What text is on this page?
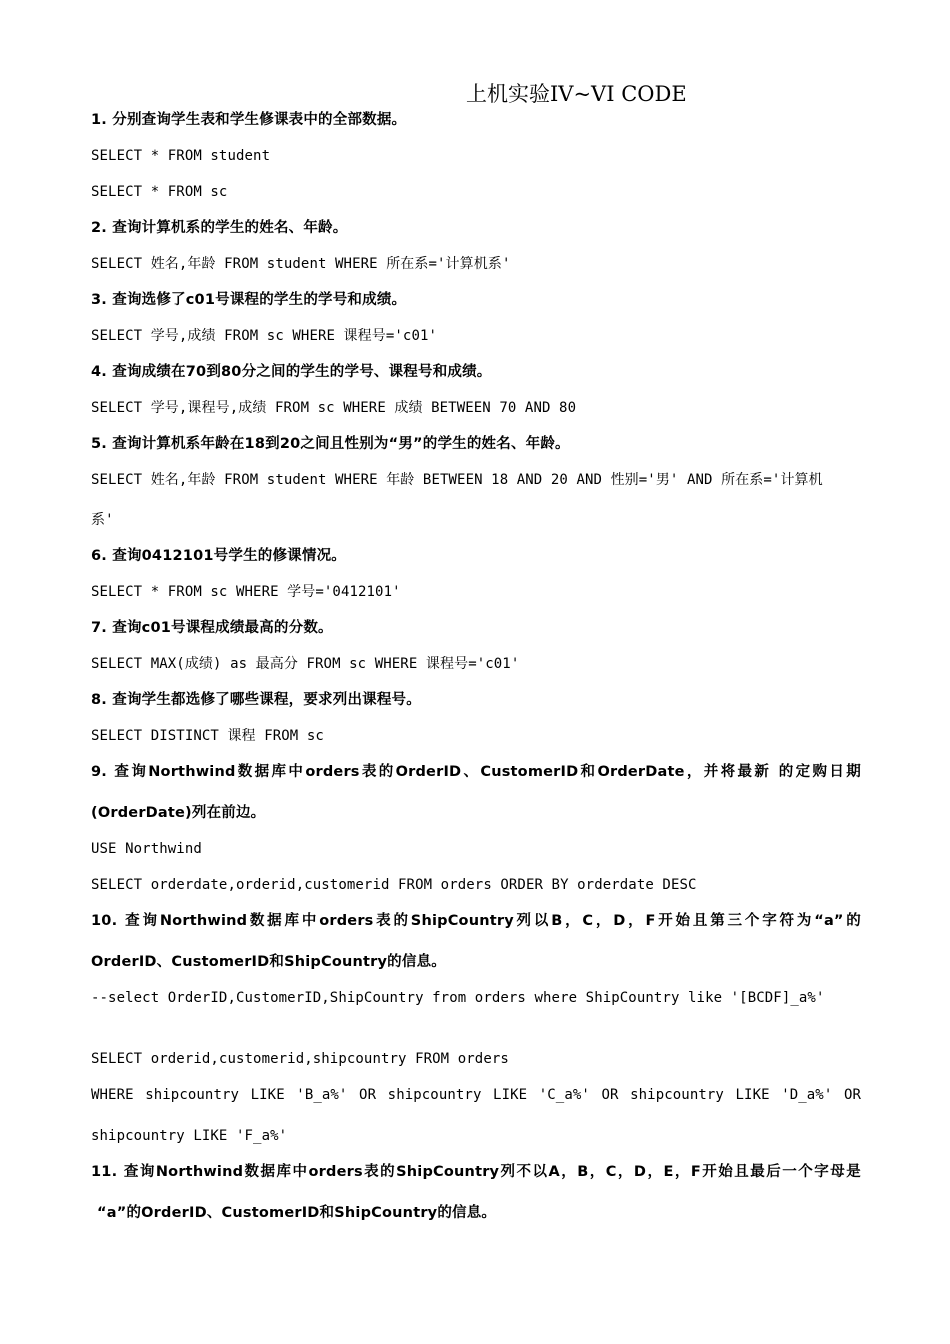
上机实验IV~VI CODE
1. 分别查询学生表和学生修课表中的全部数据。
SELECT * FROM student
SELECT * FROM sc
2. 查询计算机系的学生的姓名、年龄。
SELECT 姓名,年龄 FROM student WHERE 所在系='计算机系'
3. 查询选修了c01号课程的学生的学号和成绩。
SELECT 学号,成绩 FROM sc WHERE 课程号='c01'
4. 查询成绩在70到80分之间的学生的学号、课程号和成绩。
SELECT 学号,课程号,成绩 FROM sc WHERE 成绩 BETWEEN 70 AND 80
5. 查询计算机系年龄在18到20之间且性别为“男”的学生的姓名、年龄。
SELECT 姓名,年龄 FROM student WHERE 年龄 BETWEEN 18 AND 20 AND 性别='男' AND 所在系='计算机
系'
6. 查询0412101号学生的修课情况。
SELECT * FROM sc WHERE 学号='0412101'
7. 查询c01号课程成绩最高的分数。
SELECT MAX(成绩) as 最高分 FROM sc WHERE 课程号='c01'
8. 查询学生都选修了哪些课程，要求列出课程号。
SELECT DISTINCT 课程 FROM sc
9. 查询Northwind数据库中orders表的OrderID、CustomerID和OrderDate，并将最新 的定购日期
(OrderDate)列在前边。
USE Northwind
SELECT orderdate,orderid,customerid FROM orders ORDER BY orderdate DESC
10. 查询Northwind数据库中orders表的ShipCountry列以B，C，D，F开始且第三个字符为“a”的
OrderID、CustomerID和ShipCountry的信息。
--select OrderID,CustomerID,ShipCountry from orders where ShipCountry like '[BCDF]_a%'
SELECT orderid,customerid,shipcountry FROM orders
WHERE shipcountry LIKE 'B_a%' OR shipcountry LIKE 'C_a%' OR shipcountry LIKE 'D_a%' OR
shipcountry LIKE 'F_a%'
11. 查询Northwind数据库中orders表的ShipCountry列不以A，B，C，D，E，F开始且最后一个字母是
“a”的OrderID、CustomerID和ShipCountry的信息。
